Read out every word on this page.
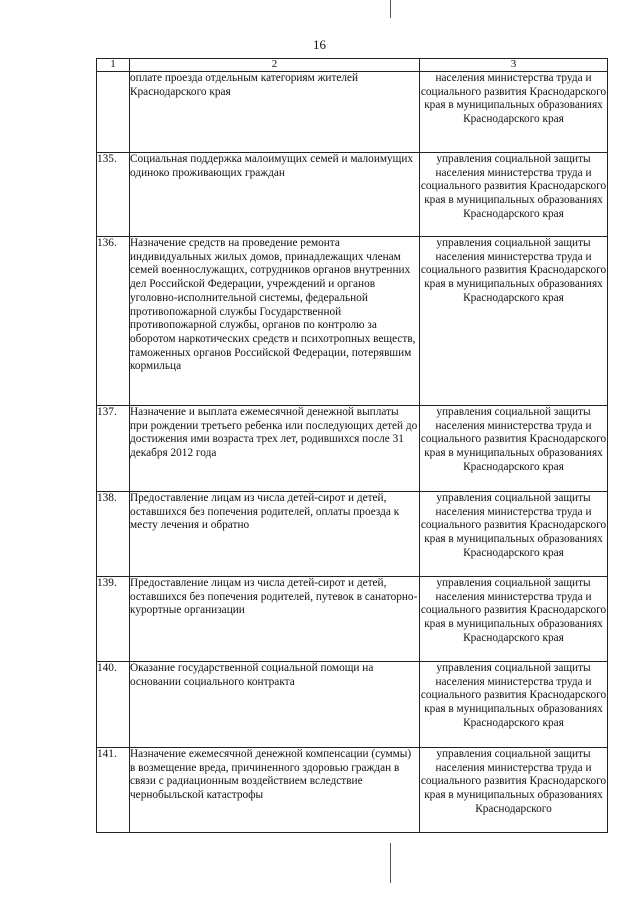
16
1	2	3
	оплате проезда отдельным категориям жителей Краснодарского края	населения министерства труда и социального развития Краснодарского края в муниципальных образованиях Краснодарского края

135.	Социальная поддержка малоимущих семей и малоимущих одиноко проживающих граждан	управления социальной защиты населения министерства труда и социального развития Краснодарского края в муниципальных образованиях Краснодарского края

136.	Назначение средств на проведение ремонта индивидуальных жилых домов, принадлежащих членам семей военнослужащих, сотрудников органов внутренних дел Российской Федерации, учреждений и органов уголовно-исполнительной системы, федеральной противопожарной службы Государственной противопожарной службы, органов по контролю за оборотом наркотических средств и психотропных веществ, таможенных органов Российской Федерации, потерявшим кормильца	управления социальной защиты населения министерства труда и социального развития Краснодарского края в муниципальных образованиях Краснодарского края

137.	Назначение и выплата ежемесячной денежной выплаты при рождении третьего ребенка или последующих детей до достижения ими возраста трех лет, родившихся после 31 декабря 2012 года	управления социальной защиты населения министерства труда и социального развития Краснодарского края в муниципальных образованиях Краснодарского края

138.	Предоставление лицам из числа детей-сирот и детей, оставшихся без попечения родителей, оплаты проезда к месту лечения и обратно	управления социальной защиты населения министерства труда и социального развития Краснодарского края в муниципальных образованиях Краснодарского края

139.	Предоставление лицам из числа детей-сирот и детей, оставшихся без попечения родителей, путевок в санаторно-курортные организации	управления социальной защиты населения министерства труда и социального развития Краснодарского края в муниципальных образованиях Краснодарского края

140.	Оказание государственной социальной помощи на основании социального контракта	управления социальной защиты населения министерства труда и социального развития Краснодарского края в муниципальных образованиях Краснодарского края

141.	Назначение ежемесячной денежной компенсации (суммы) в возмещение вреда, причиненного здоровью граждан в связи с радиационным воздействием вследствие чернобыльской катастрофы	управления социальной защиты населения министерства труда и социального развития Краснодарского края в муниципальных образованиях Краснодарского
